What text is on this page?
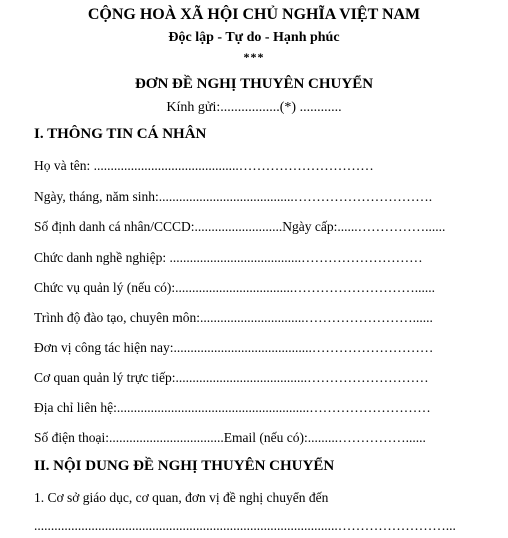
CỘNG HOÀ XÃ HỘI CHỦ NGHĨA VIỆT NAM
Độc lập - Tự do - Hạnh phúc
***
ĐƠN ĐỀ NGHỊ THUYÊN CHUYỂN
Kính gửi:.................(*) ............
I. THÔNG TIN CÁ NHÂN
Họ và tên: ...........................................…………………………
Ngày, tháng, năm sinh:........................................………………………….
Số định danh cá nhân/CCCD:..........................Ngày cấp:......……………......
Chức danh nghề nghiệp: .......................................………………………
Chức vụ quản lý (nếu có):...................................………………………......
Trình độ đào tạo, chuyên môn:...............................……………………......
Đơn vị công tác hiện nay:.........................................………………………
Cơ quan quản lý trực tiếp:.......................................………………………
Địa chỉ liên hệ:.........................................................………………………
Số điện thoại:..................................Email (nếu có):.........……………......
II. NỘI DUNG ĐỀ NGHỊ THUYÊN CHUYỂN
1. Cơ sở giáo dục, cơ quan, đơn vị đề nghị chuyển đến
..........................................................................................……………………...
